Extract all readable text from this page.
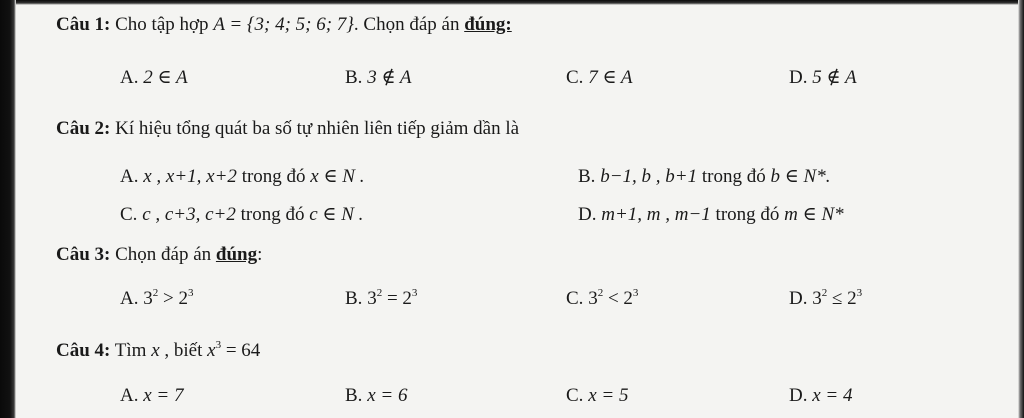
Câu 1: Cho tập hợp A = {3; 4; 5; 6; 7}. Chọn đáp án đúng:
A. 2 ∈ A	B. 3 ∉ A	C. 7 ∈ A	D. 5 ∉ A
Câu 2: Kí hiệu tổng quát ba số tự nhiên liên tiếp giảm dần là
A. x , x+1, x+2 trong đó x ∈ N .	B. b−1, b , b+1 trong đó b ∈ N*.
C. c , c+3, c+2 trong đó c ∈ N .	D. m+1, m , m−1 trong đó m ∈ N*
Câu 3: Chọn đáp án đúng:
A. $3^2 > 2^3$	B. $3^2 = 2^3$	C. $3^2 < 2^3$	D. $3^2 \le 2^3$
Câu 4: Tìm x , biết $x^3 = 64$
A. x = 7	B. x = 6	C. x = 5	D. x = 4
